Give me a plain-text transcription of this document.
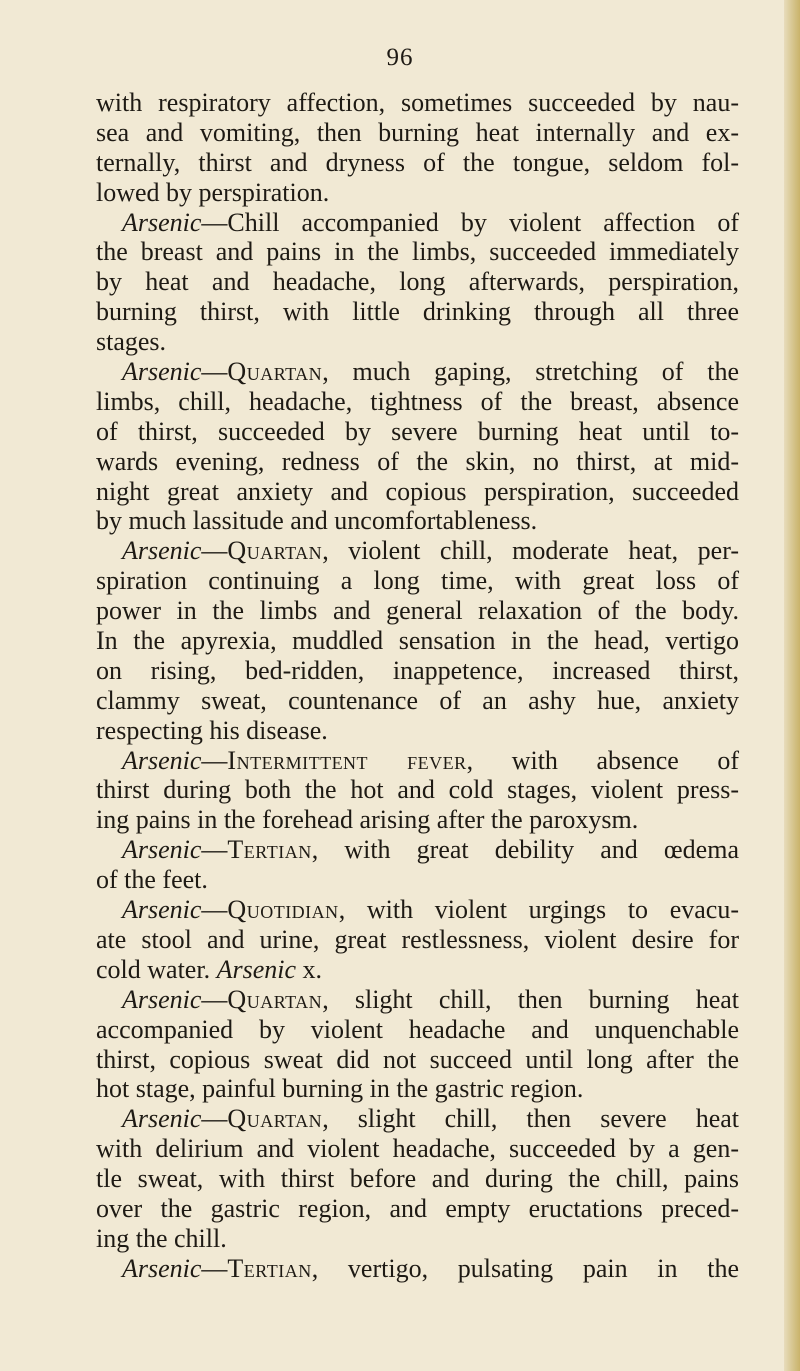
96
with respiratory affection, sometimes succeeded by nau-
sea and vomiting, then burning heat internally and ex-
ternally, thirst and dryness of the tongue, seldom fol-
lowed by perspiration.
Arsenic—Chill accompanied by violent affection of
the breast and pains in the limbs, succeeded immediately
by heat and headache, long afterwards, perspiration,
burning thirst, with little drinking through all three
stages.
Arsenic—Quartan, much gaping, stretching of the
limbs, chill, headache, tightness of the breast, absence
of thirst, succeeded by severe burning heat until to-
wards evening, redness of the skin, no thirst, at mid-
night great anxiety and copious perspiration, succeeded
by much lassitude and uncomfortableness.
Arsenic—Quartan, violent chill, moderate heat, per-
spiration continuing a long time, with great loss of
power in the limbs and general relaxation of the body.
In the apyrexia, muddled sensation in the head, vertigo
on rising, bed-ridden, inappetence, increased thirst,
clammy sweat, countenance of an ashy hue, anxiety
respecting his disease.
Arsenic—Intermittent fever, with absence of
thirst during both the hot and cold stages, violent press-
ing pains in the forehead arising after the paroxysm.
Arsenic—Tertian, with great debility and œdema
of the feet.
Arsenic—Quotidian, with violent urgings to evacu-
ate stool and urine, great restlessness, violent desire for
cold water. Arsenic x.
Arsenic—Quartan, slight chill, then burning heat
accompanied by violent headache and unquenchable
thirst, copious sweat did not succeed until long after the
hot stage, painful burning in the gastric region.
Arsenic—Quartan, slight chill, then severe heat
with delirium and violent headache, succeeded by a gen-
tle sweat, with thirst before and during the chill, pains
over the gastric region, and empty eructations preced-
ing the chill.
Arsenic—Tertian, vertigo, pulsating pain in the
